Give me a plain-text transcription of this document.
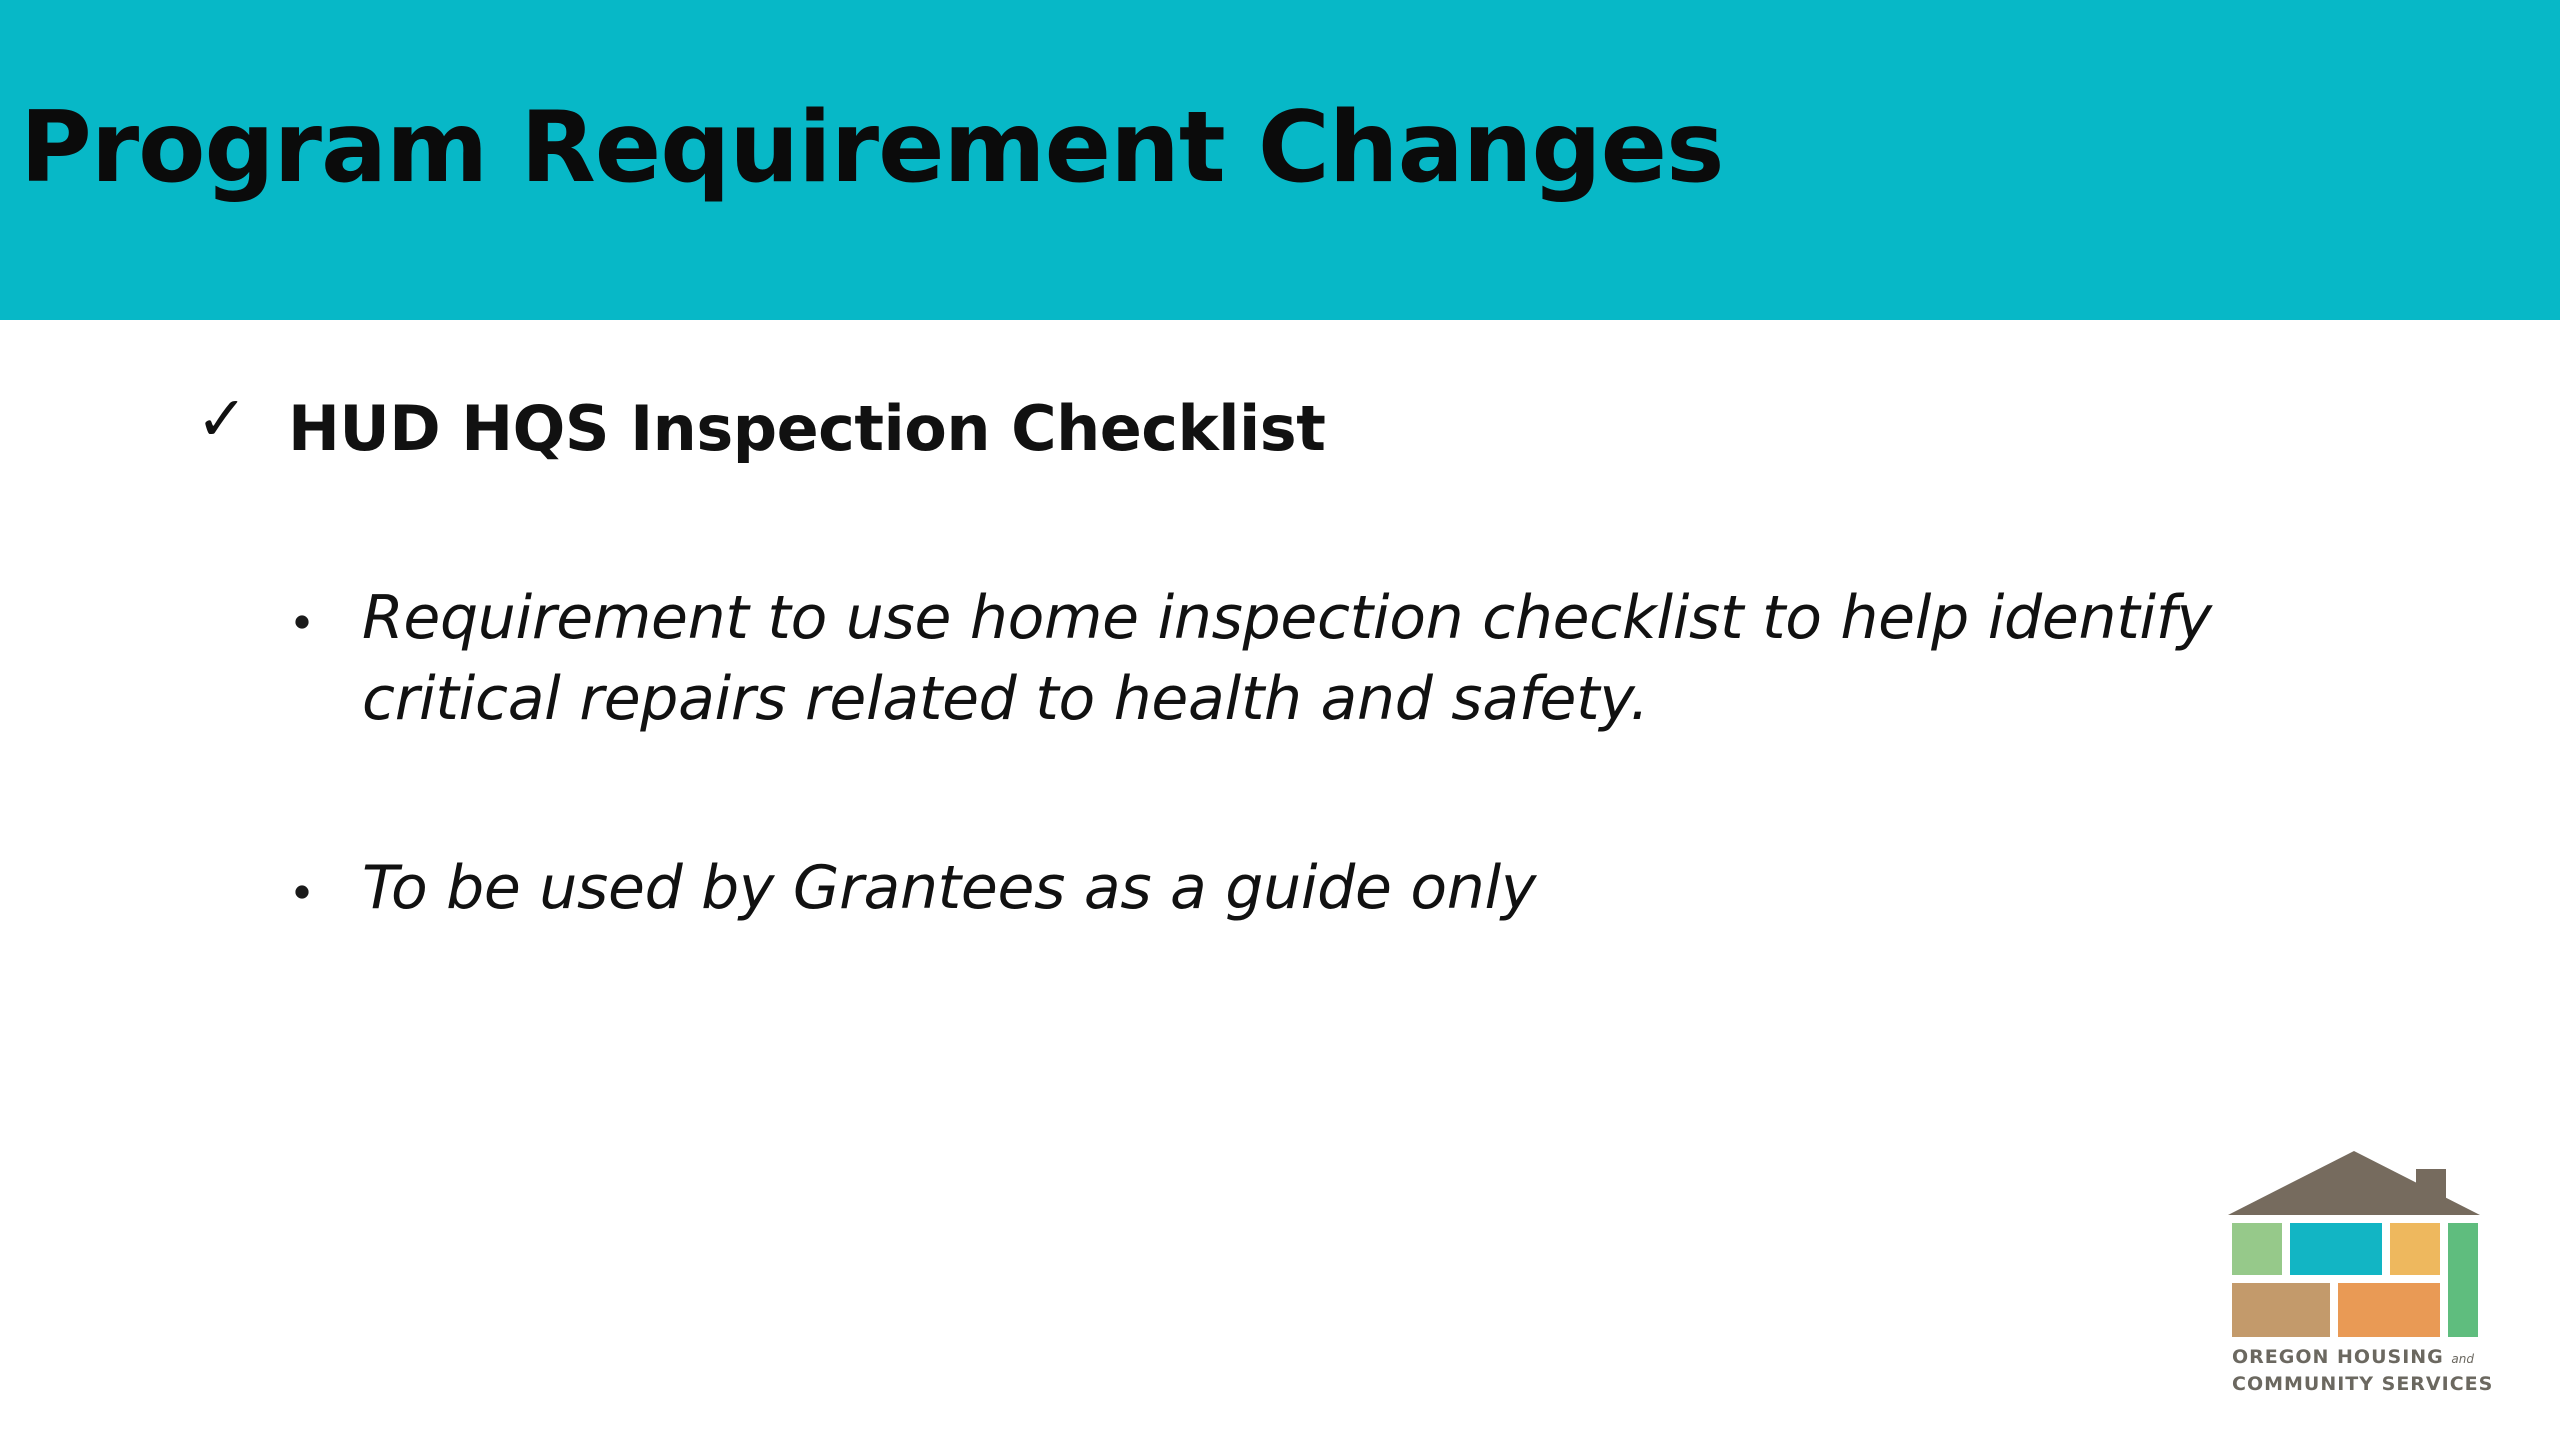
Program Requirement Changes
✓ HUD HQS Inspection Checklist
Requirement to use home inspection checklist to help identify critical repairs related to health and safety.
To be used by Grantees as a guide only
OREGON HOUSING and
COMMUNITY SERVICES
